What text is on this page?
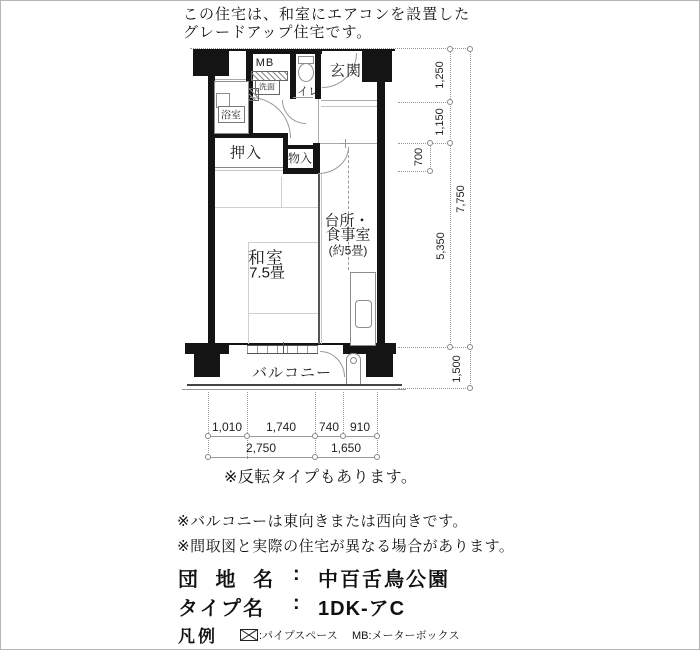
この住宅は、和室にエアコンを設置した
グレードアップ住宅です。
洗面
浴室
MB
トイレ
玄関
押入 物入
和室
7.5畳
台所・
食事室
(約5畳)
バルコニー
1,250
1,150
700
5,350
7,750
1,500
1,010 1,740 740 910
2,750	1,650
※反転タイプもあります。
※バルコニーは東向きまたは西向きです。
※間取図と実際の住宅が異なる場合があります。
団 地 名 : 中百舌鳥公園
タイプ名 : 1DK-アC
凡例	:パイプスペース MB:メーターボックス
